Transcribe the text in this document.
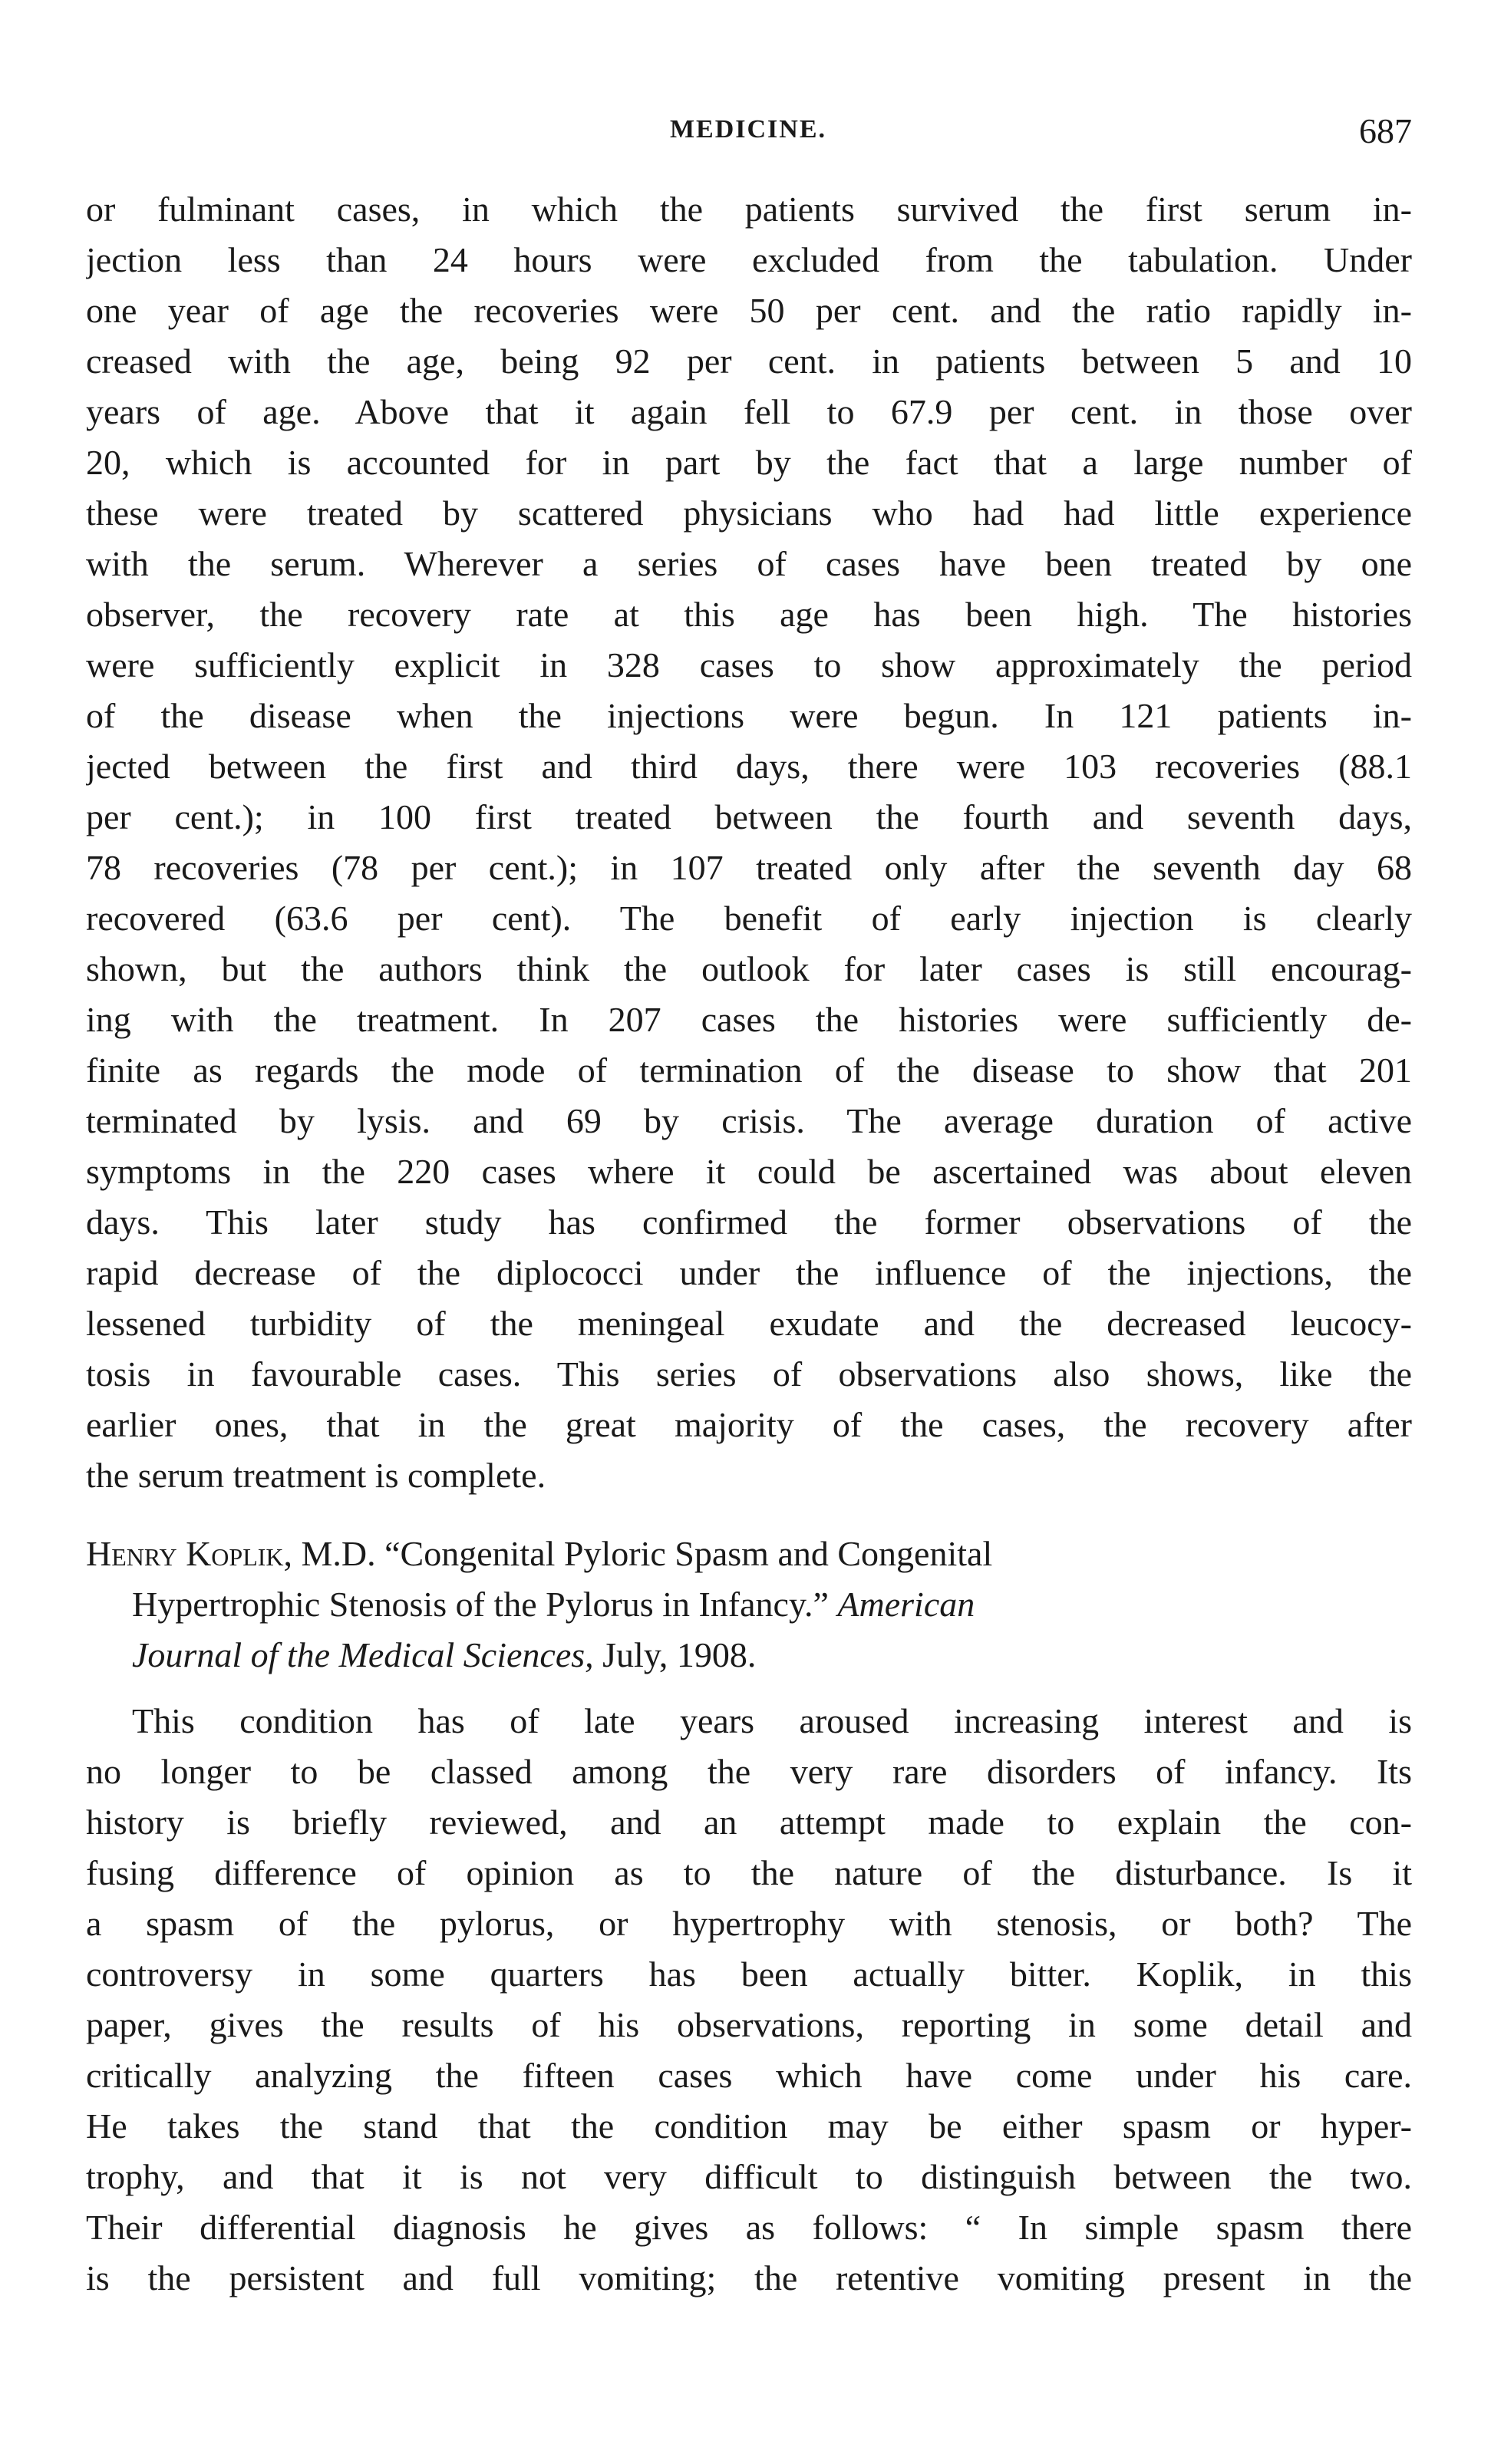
MEDICINE.	687
or fulminant cases, in which the patients survived the first serum in-
jection less than 24 hours were excluded from the tabulation. Under
one year of age the recoveries were 50 per cent. and the ratio rapidly in-
creased with the age, being 92 per cent. in patients between 5 and 10
years of age. Above that it again fell to 67.9 per cent. in those over
20, which is accounted for in part by the fact that a large number of
these were treated by scattered physicians who had had little experience
with the serum. Wherever a series of cases have been treated by one
observer, the recovery rate at this age has been high. The histories
were sufficiently explicit in 328 cases to show approximately the period
of the disease when the injections were begun. In 121 patients in-
jected between the first and third days, there were 103 recoveries (88.1
per cent.); in 100 first treated between the fourth and seventh days,
78 recoveries (78 per cent.); in 107 treated only after the seventh day 68
recovered (63.6 per cent). The benefit of early injection is clearly
shown, but the authors think the outlook for later cases is still encourag-
ing with the treatment. In 207 cases the histories were sufficiently de-
finite as regards the mode of termination of the disease to show that 201
terminated by lysis. and 69 by crisis. The average duration of active
symptoms in the 220 cases where it could be ascertained was about eleven
days. This later study has confirmed the former observations of the
rapid decrease of the diplococci under the influence of the injections, the
lessened turbidity of the meningeal exudate and the decreased leucocy-
tosis in favourable cases. This series of observations also shows, like the
earlier ones, that in the great majority of the cases, the recovery after
the serum treatment is complete.
Henry Koplik, M.D. “Congenital Pyloric Spasm and Congenital
Hypertrophic Stenosis of the Pylorus in Infancy.” American
Journal of the Medical Sciences, July, 1908.
This condition has of late years aroused increasing interest and is
no longer to be classed among the very rare disorders of infancy. Its
history is briefly reviewed, and an attempt made to explain the con-
fusing difference of opinion as to the nature of the disturbance. Is it
a spasm of the pylorus, or hypertrophy with stenosis, or both? The
controversy in some quarters has been actually bitter. Koplik, in this
paper, gives the results of his observations, reporting in some detail and
critically analyzing the fifteen cases which have come under his care.
He takes the stand that the condition may be either spasm or hyper-
trophy, and that it is not very difficult to distinguish between the two.
Their differential diagnosis he gives as follows: “ In simple spasm there
is the persistent and full vomiting; the retentive vomiting present in the
